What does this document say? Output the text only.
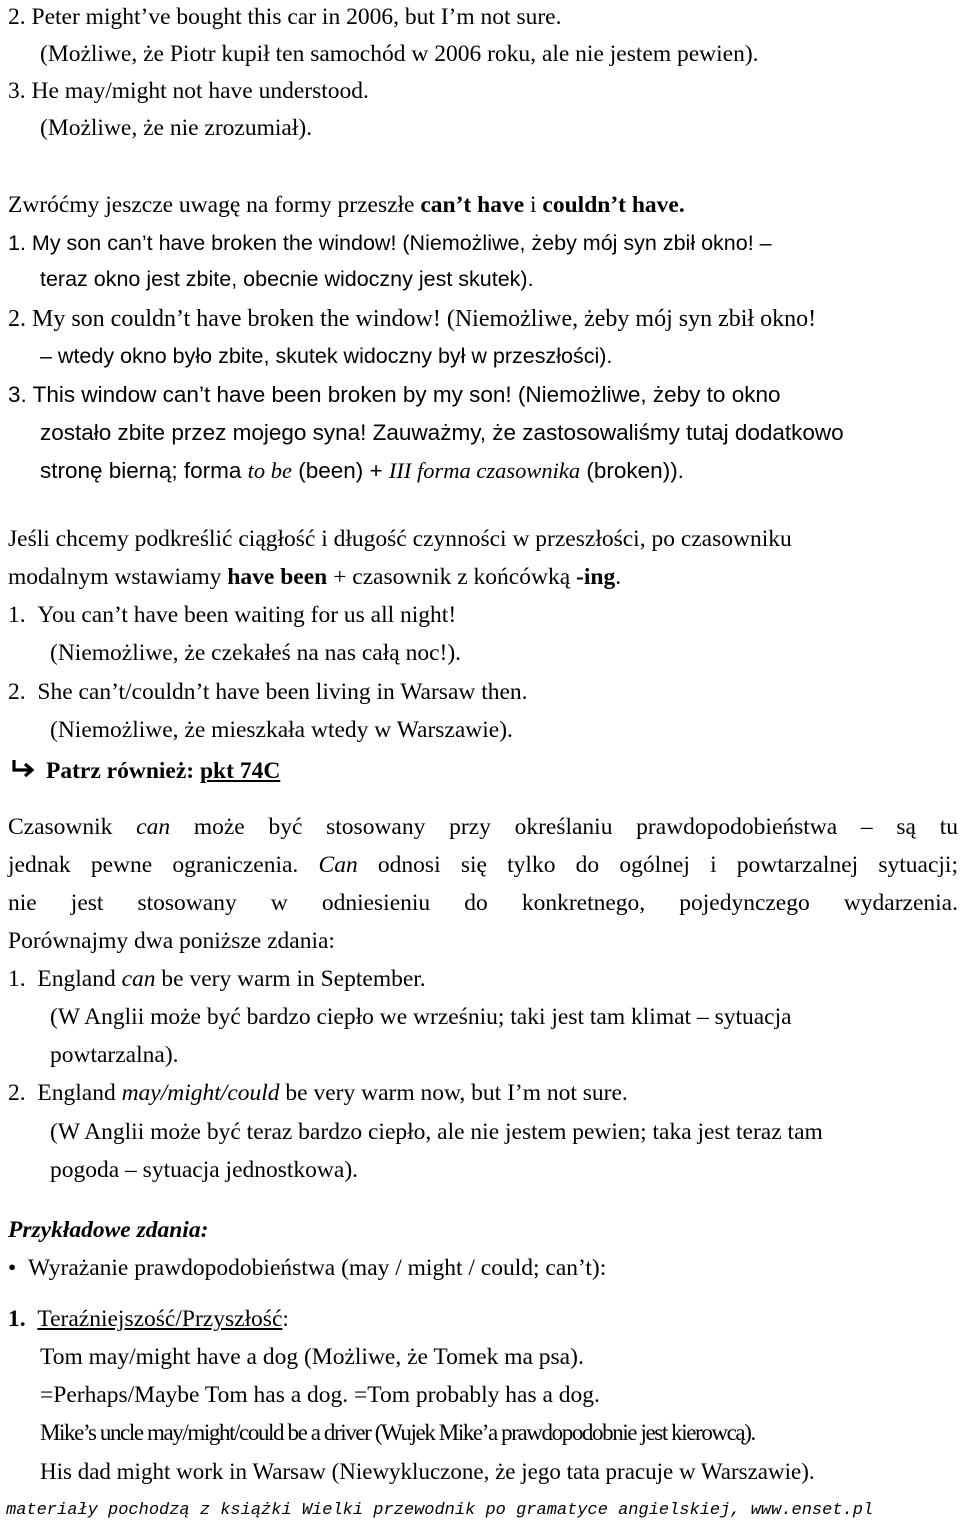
2. Peter might’ve bought this car in 2006, but I’m not sure.
(Możliwe, że Piotr kupił ten samochód w 2006 roku, ale nie jestem pewien).
3. He may/might not have understood.
(Możliwe, że nie zrozumiał).
Zwróćmy jeszcze uwagę na formy przeszłe can’t have i couldn’t have.
1. My son can’t have broken the window! (Niemożliwe, żeby mój syn zbił okno! –
teraz okno jest zbite, obecnie widoczny jest skutek).
2. My son couldn’t have broken the window! (Niemożliwe, żeby mój syn zbił okno!
– wtedy okno było zbite, skutek widoczny był w przeszłości).
3. This window can’t have been broken by my son! (Niemożliwe, żeby to okno
zostało zbite przez mojego syna! Zauważmy, że zastosowaliśmy tutaj dodatkowo
stronę bierną; forma to be (been) + III forma czasownika (broken)).
Jeśli chcemy podkreślić ciągłość i długość czynności w przeszłości, po czasowniku
modalnym wstawiamy have been + czasownik z końcówką -ing.
1. You can’t have been waiting for us all night!
(Niemożliwe, że czekałeś na nas całą noc!).
2. She can’t/couldn’t have been living in Warsaw then.
(Niemożliwe, że mieszkała wtedy w Warszawie).
Patrz również: pkt 74C
Czasownik can może być stosowany przy określaniu prawdopodobieństwa – są tu
jednak pewne ograniczenia. Can odnosi się tylko do ogólnej i powtarzalnej sytuacji;
nie jest stosowany w odniesieniu do konkretnego, pojedynczego wydarzenia.
Porównajmy dwa poniższe zdania:
1. England can be very warm in September.
(W Anglii może być bardzo ciepło we wrześniu; taki jest tam klimat – sytuacja
powtarzalna).
2. England may/might/could be very warm now, but I’m not sure.
(W Anglii może być teraz bardzo ciepło, ale nie jestem pewien; taka jest teraz tam
pogoda – sytuacja jednostkowa).
Przykładowe zdania:
• Wyrażanie prawdopodobieństwa (may / might / could; can’t):
1. Teraźniejszość/Przyszłość:
Tom may/might have a dog (Możliwe, że Tomek ma psa).
=Perhaps/Maybe Tom has a dog. =Tom probably has a dog.
Mike’s uncle may/might/could be a driver (Wujek Mike’a prawdopodobnie jest kierowcą).
His dad might work in Warsaw (Niewykluczone, że jego tata pracuje w Warszawie).
materiały pochodzą z książki Wielki przewodnik po gramatyce angielskiej, www.enset.pl
